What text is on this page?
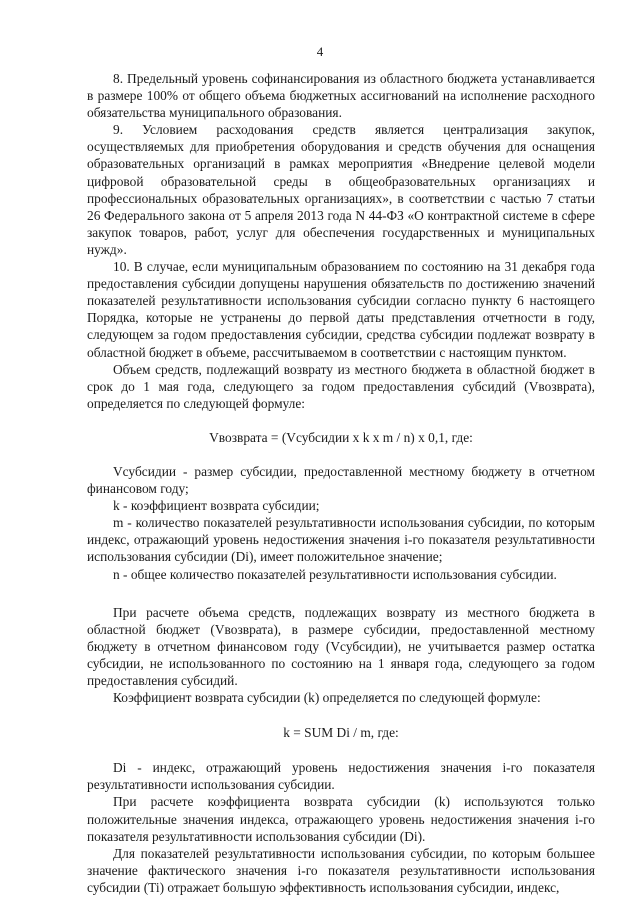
4

8. Предельный уровень софинансирования из областного бюджета устанавливается в размере 100% от общего объема бюджетных ассигнований на исполнение расходного обязательства муниципального образования.

9. Условием расходования средств является централизация закупок, осуществляемых для приобретения оборудования и средств обучения для оснащения образовательных организаций в рамках мероприятия «Внедрение целевой модели цифровой образовательной среды в общеобразовательных организациях и профессиональных образовательных организациях», в соответствии с частью 7 статьи 26 Федерального закона от 5 апреля 2013 года N 44-ФЗ «О контрактной системе в сфере закупок товаров, работ, услуг для обеспечения государственных и муниципальных нужд».

10. В случае, если муниципальным образованием по состоянию на 31 декабря года предоставления субсидии допущены нарушения обязательств по достижению значений показателей результативности использования субсидии согласно пункту 6 настоящего Порядка, которые не устранены до первой даты представления отчетности в году, следующем за годом предоставления субсидии, средства субсидии подлежат возврату в областной бюджет в объеме, рассчитываемом в соответствии с настоящим пунктом.

Объем средств, подлежащий возврату из местного бюджета в областной бюджет в срок до 1 мая года, следующего за годом предоставления субсидий (Vвозврата), определяется по следующей формуле:

Vвозврата = (Vсубсидии x k x m / n) x 0,1, где:

Vсубсидии - размер субсидии, предоставленной местному бюджету в отчетном финансовом году;

k - коэффициент возврата субсидии;

m - количество показателей результативности использования субсидии, по которым индекс, отражающий уровень недостижения значения i-го показателя результативности использования субсидии (Di), имеет положительное значение;

n - общее количество показателей результативности использования субсидии.

При расчете объема средств, подлежащих возврату из местного бюджета в областной бюджет (Vвозврата), в размере субсидии, предоставленной местному бюджету в отчетном финансовом году (Vсубсидии), не учитывается размер остатка субсидии, не использованного по состоянию на 1 января года, следующего за годом предоставления субсидий.

Коэффициент возврата субсидии (k) определяется по следующей формуле:

k = SUM Di / m, где:

Di - индекс, отражающий уровень недостижения значения i-го показателя результативности использования субсидии.

При расчете коэффициента возврата субсидии (k) используются только положительные значения индекса, отражающего уровень недостижения значения i-го показателя результативности использования субсидии (Di).

Для показателей результативности использования субсидии, по которым большее значение фактического значения i-го показателя результативности использования субсидии (Ti) отражает большую эффективность использования субсидии, индекс,
